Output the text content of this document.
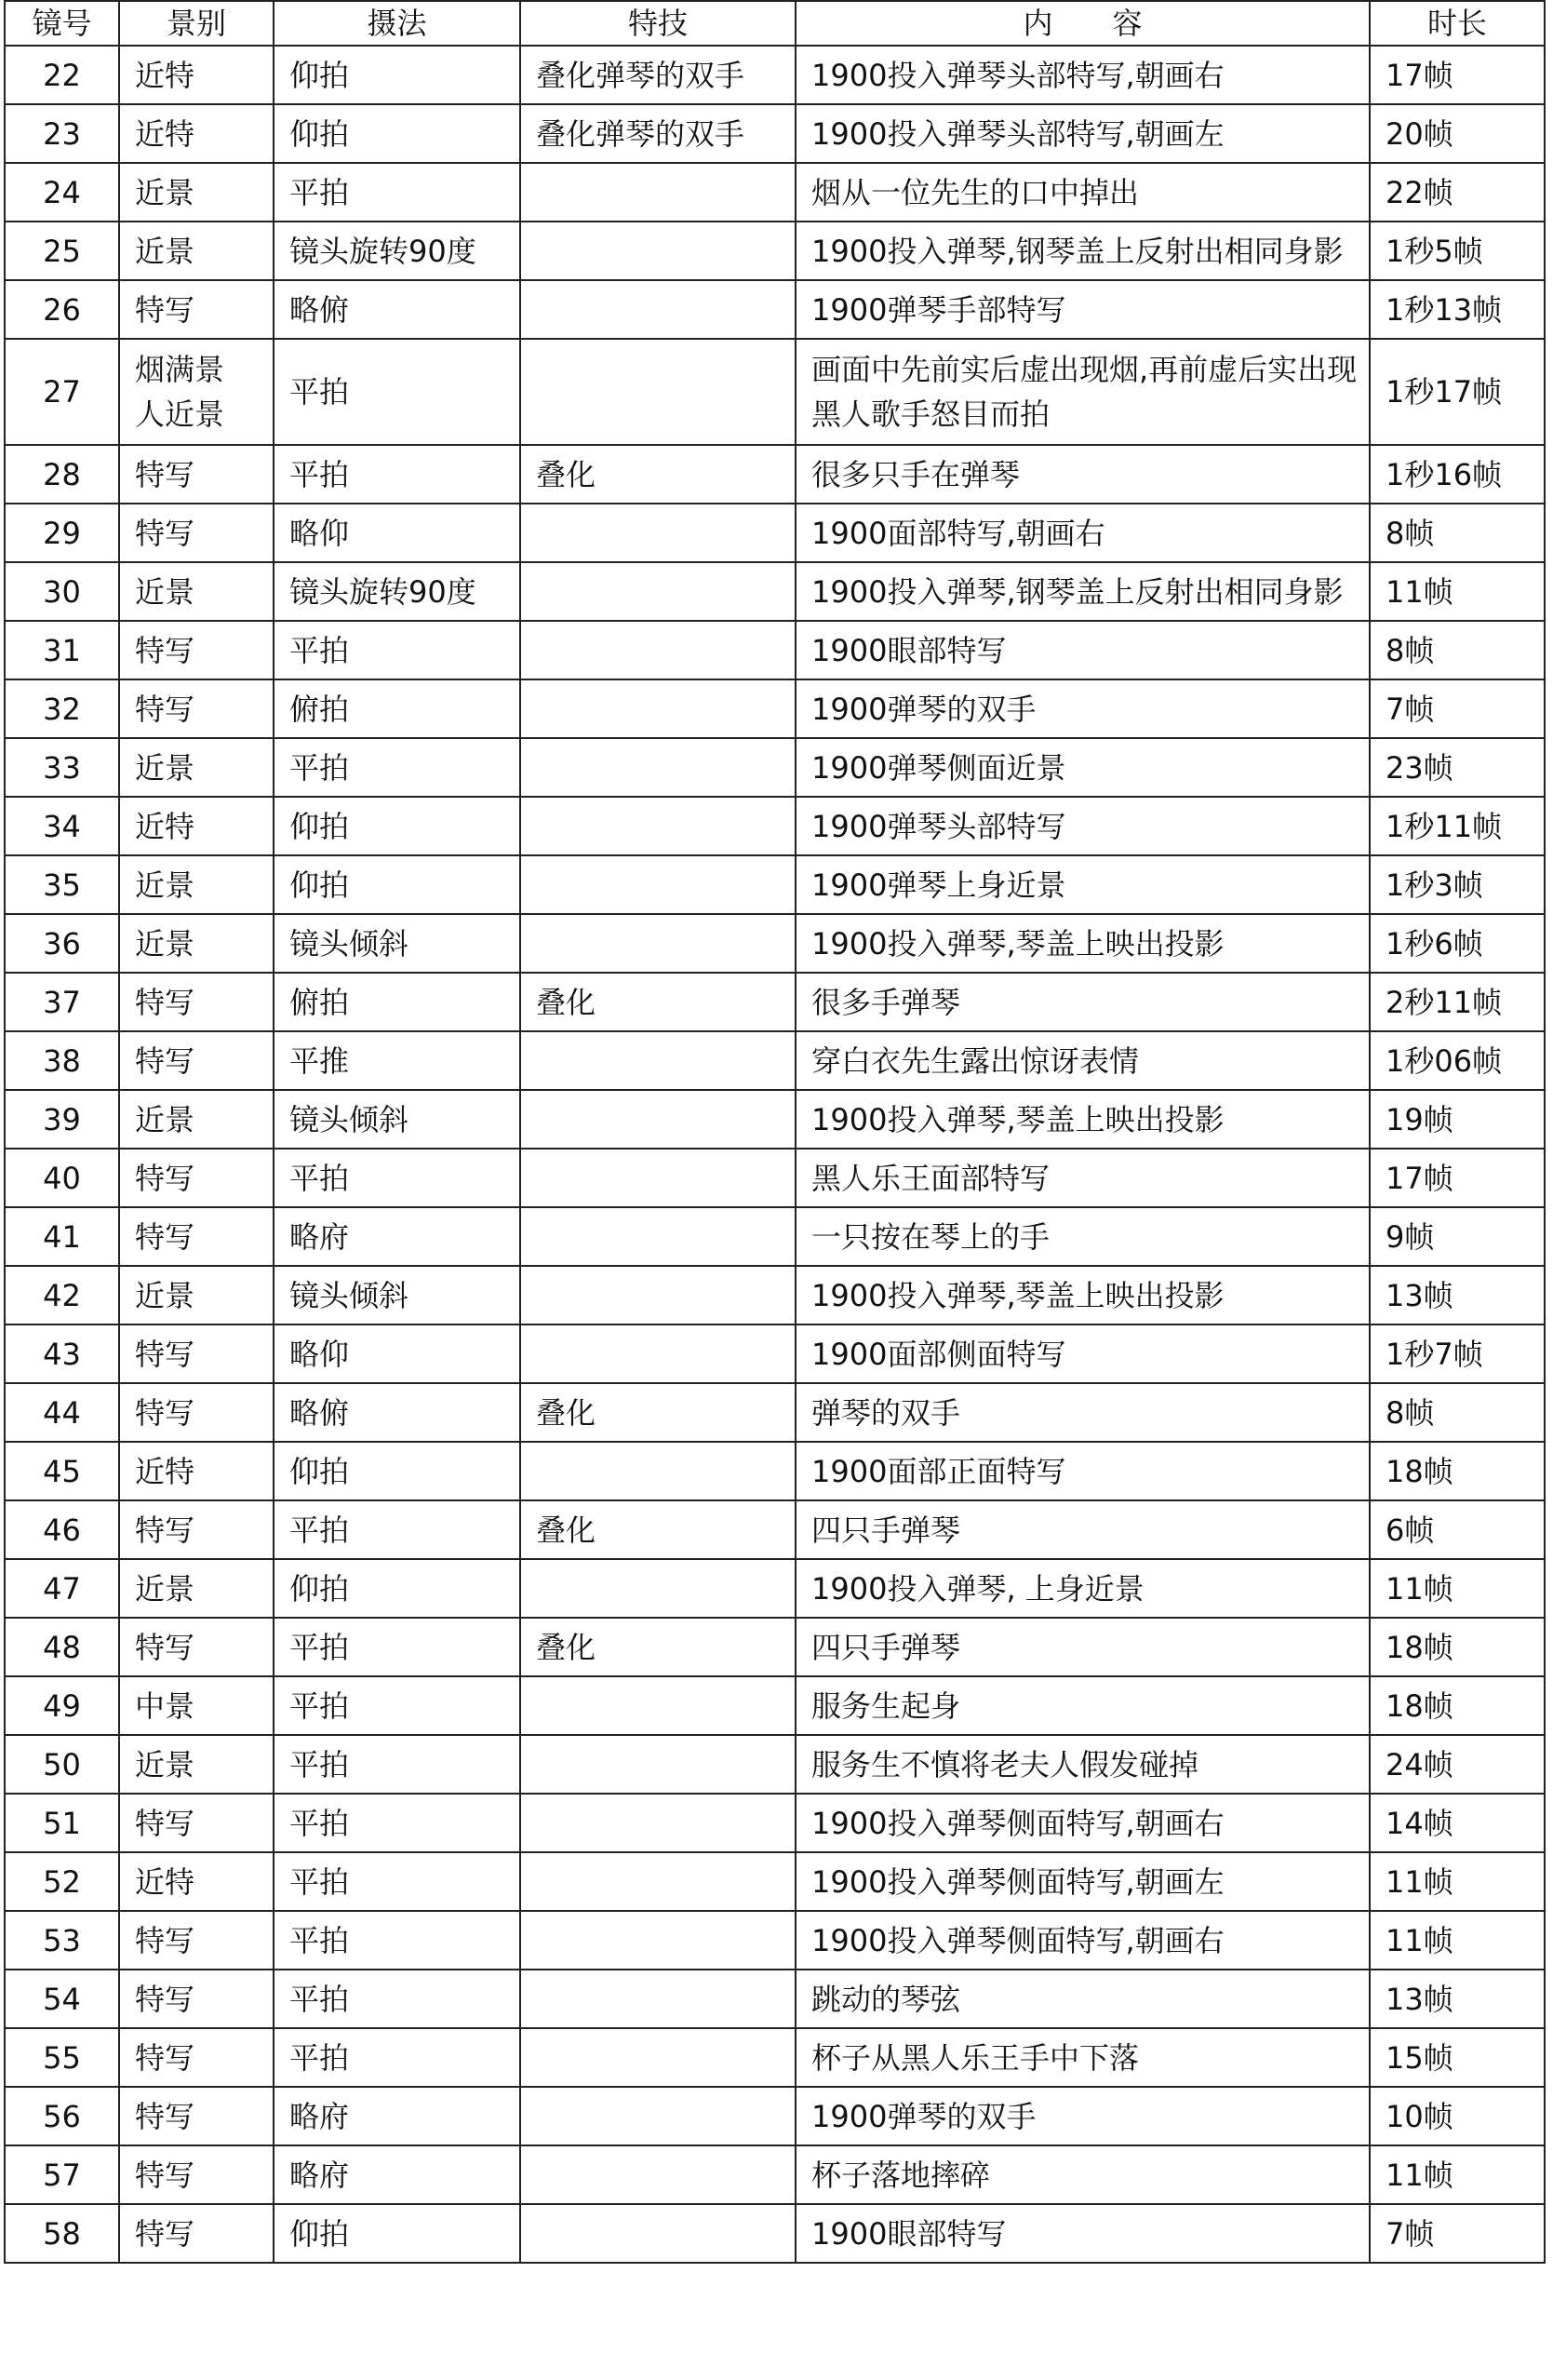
镜号	景别	摄法	特技	内　　容	时长
22	近特	仰拍	叠化弹琴的双手	1900投入弹琴头部特写,朝画右	17帧
23	近特	仰拍	叠化弹琴的双手	1900投入弹琴头部特写,朝画左	20帧
24	近景	平拍		烟从一位先生的口中掉出	22帧
25	近景	镜头旋转90度		1900投入弹琴,钢琴盖上反射出相同身影	1秒5帧
26	特写	略俯		1900弹琴手部特写	1秒13帧
27	烟满景人近景	平拍		画面中先前实后虚出现烟,再前虚后实出现黑人歌手怒目而拍	1秒17帧
28	特写	平拍	叠化	很多只手在弹琴	1秒16帧
29	特写	略仰		1900面部特写,朝画右	8帧
30	近景	镜头旋转90度		1900投入弹琴,钢琴盖上反射出相同身影	11帧
31	特写	平拍		1900眼部特写	8帧
32	特写	俯拍		1900弹琴的双手	7帧
33	近景	平拍		1900弹琴侧面近景	23帧
34	近特	仰拍		1900弹琴头部特写	1秒11帧
35	近景	仰拍		1900弹琴上身近景	1秒3帧
36	近景	镜头倾斜		1900投入弹琴,琴盖上映出投影	1秒6帧
37	特写	俯拍	叠化	很多手弹琴	2秒11帧
38	特写	平推		穿白衣先生露出惊讶表情	1秒06帧
39	近景	镜头倾斜		1900投入弹琴,琴盖上映出投影	19帧
40	特写	平拍		黑人乐王面部特写	17帧
41	特写	略府		一只按在琴上的手	9帧
42	近景	镜头倾斜		1900投入弹琴,琴盖上映出投影	13帧
43	特写	略仰		1900面部侧面特写	1秒7帧
44	特写	略俯	叠化	弹琴的双手	8帧
45	近特	仰拍		1900面部正面特写	18帧
46	特写	平拍	叠化	四只手弹琴	6帧
47	近景	仰拍		1900投入弹琴, 上身近景	11帧
48	特写	平拍	叠化	四只手弹琴	18帧
49	中景	平拍		服务生起身	18帧
50	近景	平拍		服务生不慎将老夫人假发碰掉	24帧
51	特写	平拍		1900投入弹琴侧面特写,朝画右	14帧
52	近特	平拍		1900投入弹琴侧面特写,朝画左	11帧
53	特写	平拍		1900投入弹琴侧面特写,朝画右	11帧
54	特写	平拍		跳动的琴弦	13帧
55	特写	平拍		杯子从黑人乐王手中下落	15帧
56	特写	略府		1900弹琴的双手	10帧
57	特写	略府		杯子落地摔碎	11帧
58	特写	仰拍		1900眼部特写	7帧
